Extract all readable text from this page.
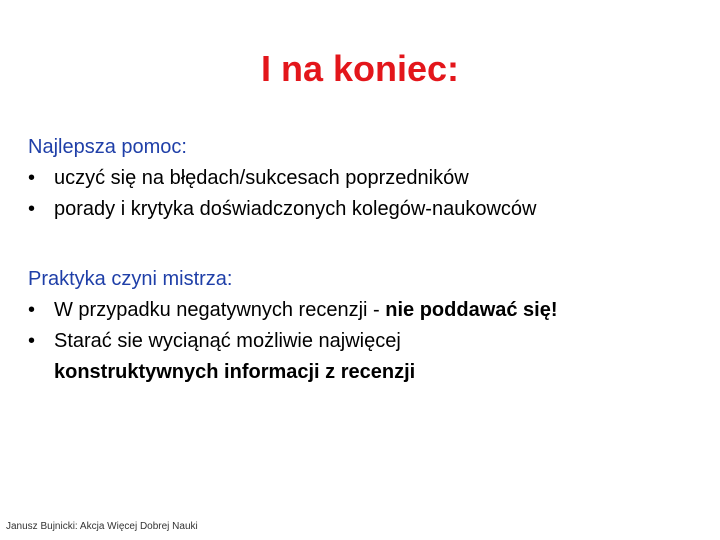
I na koniec:
Najlepsza pomoc:
• uczyć się na błędach/sukcesach poprzedników
• porady i krytyka doświadczonych kolegów-naukowców
Praktyka czyni mistrza:
• W przypadku negatywnych recenzji - nie poddawać się!
• Starać sie wyciąnąć możliwie najwięcej
konstruktywnych informacji z recenzji
Janusz Bujnicki: Akcja Więcej Dobrej Nauki
